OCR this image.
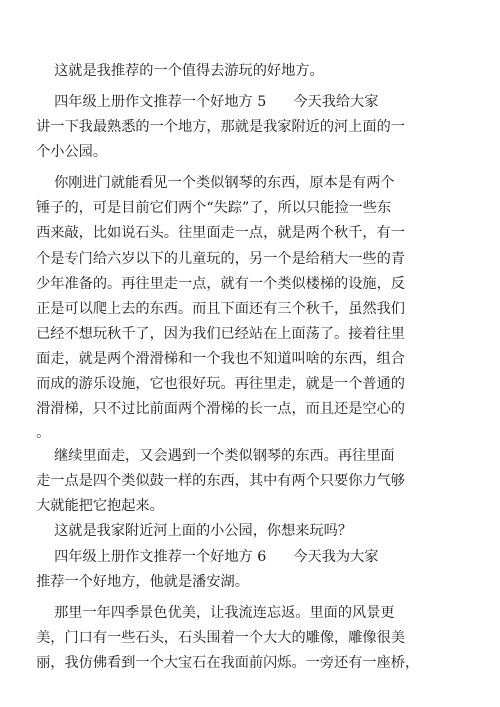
这就是我推荐的一个值得去游玩的好地方。
四年级上册作文推荐一个好地方 5      今天我给大家
讲一下我最熟悉的一个地方，那就是我家附近的河上面的一
个小公园。
你刚进门就能看见一个类似钢琴的东西，原本是有两个
锤子的，可是目前它们两个“失踪”了，所以只能捡一些东
西来敲，比如说石头。往里面走一点，就是两个秋千，有一
个是专门给六岁以下的儿童玩的，另一个是给稍大一些的青
少年准备的。再往里走一点，就有一个类似楼梯的设施，反
正是可以爬上去的东西。而且下面还有三个秋千，虽然我们
已经不想玩秋千了，因为我们已经站在上面荡了。接着往里
面走，就是两个滑滑梯和一个我也不知道叫啥的东西，组合
而成的游乐设施，它也很好玩。再往里走，就是一个普通的
滑滑梯，只不过比前面两个滑梯的长一点，而且还是空心的
。
继续里面走，又会遇到一个类似钢琴的东西。再往里面
走一点是四个类似鼓一样的东西，其中有两个只要你力气够
大就能把它抱起来。
这就是我家附近河上面的小公园，你想来玩吗？
四年级上册作文推荐一个好地方 6      今天我为大家
推荐一个好地方，他就是潘安湖。
那里一年四季景色优美，让我流连忘返。里面的风景更
美，门口有一些石头，石头围着一个大大的雕像，雕像很美
丽，我仿佛看到一个大宝石在我面前闪烁。一旁还有一座桥，
